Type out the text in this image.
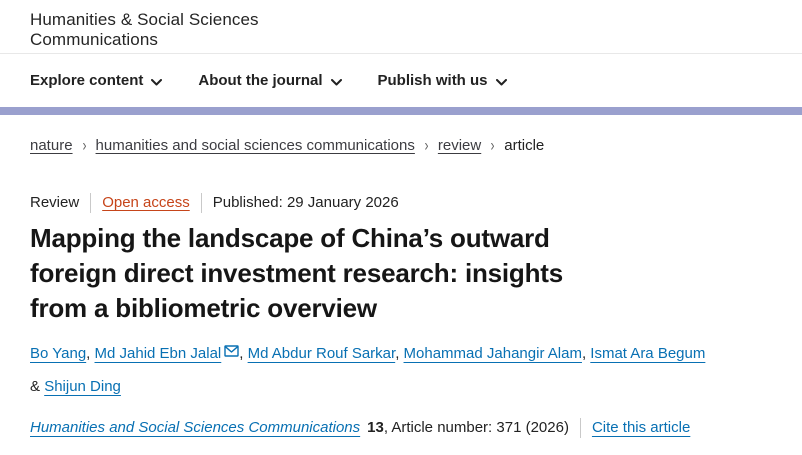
Humanities & Social Sciences Communications
Explore content	About the journal	Publish with us
nature › humanities and social sciences communications › review › article
Review Open access Published: 29 January 2026
Mapping the landscape of China’s outward foreign direct investment research: insights from a bibliometric overview

Bo Yang, Md Jahid Ebn Jalal , Md Abdur Rouf Sarkar, Mohammad Jahangir Alam, Ismat Ara Begum & Shijun Ding

Humanities and Social Sciences Communications 13 , Article number: 371 (2026) Cite this article
